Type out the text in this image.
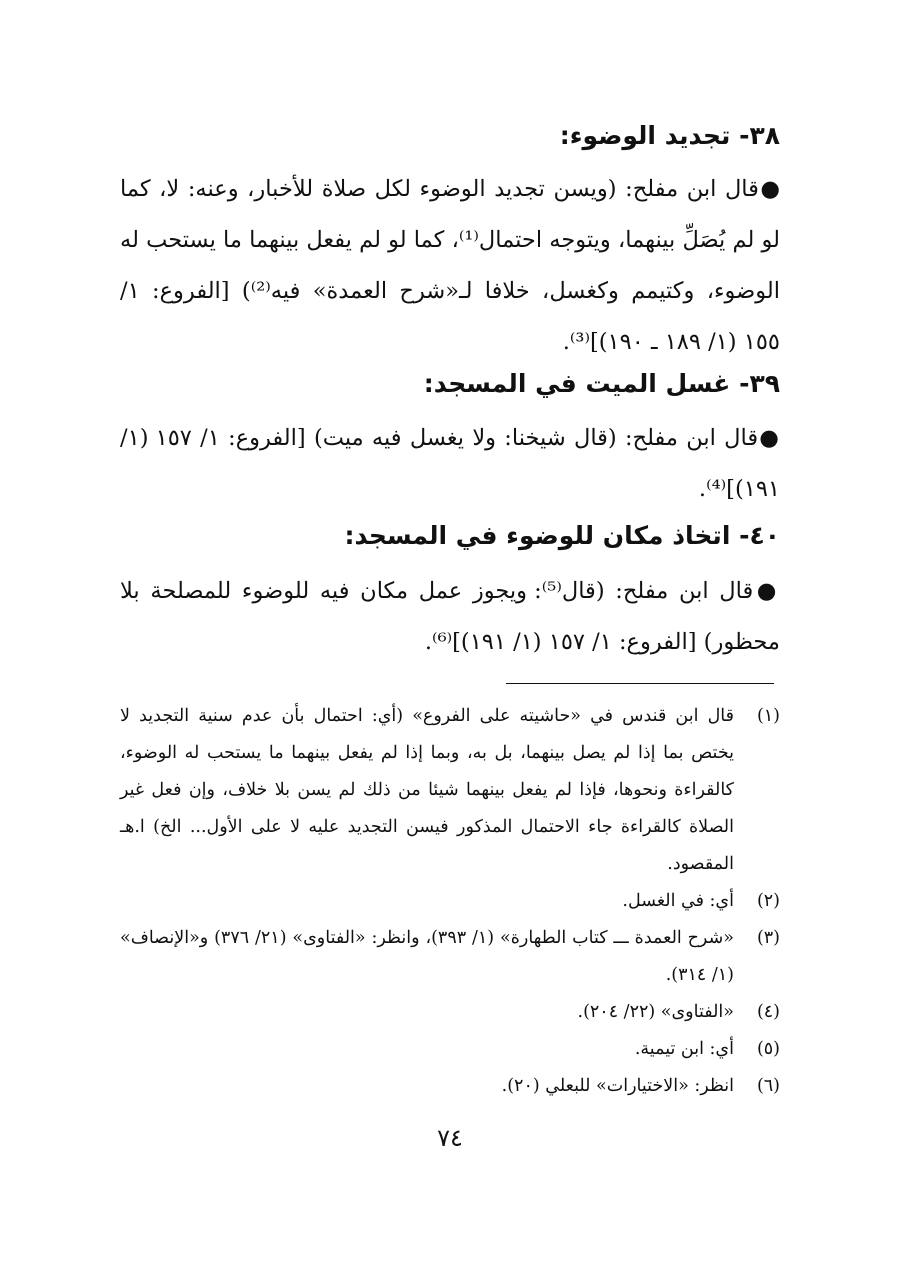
٣٨- تجديد الوضوء:

●قال ابن مفلح: (ويسن تجديد الوضوء لكل صلاة للأخبار، وعنه: لا، كما لو لم يُصَلِّ بينهما، ويتوجه احتمال⁽¹⁾، كما لو لم يفعل بينهما ما يستحب له الوضوء، وكتيمم وكغسل، خلافا لـ«شرح العمدة» فيه⁽²⁾) [الفروع: ١/ ١٥٥ (١/ ١٨٩ ـ ١٩٠)]⁽³⁾.

٣٩- غسل الميت في المسجد:

●قال ابن مفلح: (قال شيخنا: ولا يغسل فيه ميت) [الفروع: ١/ ١٥٧ (١/ ١٩١)]⁽⁴⁾.

٤٠- اتخاذ مكان للوضوء في المسجد:

●قال ابن مفلح: (قال⁽⁵⁾: ويجوز عمل مكان فيه للوضوء للمصلحة بلا محظور) [الفروع: ١/ ١٥٧ (١/ ١٩١)]⁽⁶⁾.

(١)
قال ابن قندس في «حاشيته على الفروع» (أي: احتمال بأن عدم سنية التجديد لا يختص بما إذا لم يصل بينهما، بل به، وبما إذا لم يفعل بينهما ما يستحب له الوضوء، كالقراءة ونحوها، فإذا لم يفعل بينهما شيئا من ذلك لم يسن بلا خلاف، وإن فعل غير الصلاة كالقراءة جاء الاحتمال المذكور فيسن التجديد عليه لا على الأول... الخ) ا.هـ المقصود.
(٢)
أي: في الغسل.
(٣)
«شرح العمدة ـــ كتاب الطهارة» (١/ ٣٩٣)، وانظر: «الفتاوى» (٢١/ ٣٧٦) و«الإنصاف» (١/ ٣١٤).
(٤)
«الفتاوى» (٢٢/ ٢٠٤).
(٥)
أي: ابن تيمية.
(٦)
انظر: «الاختيارات» للبعلي (٢٠).
٧٤
